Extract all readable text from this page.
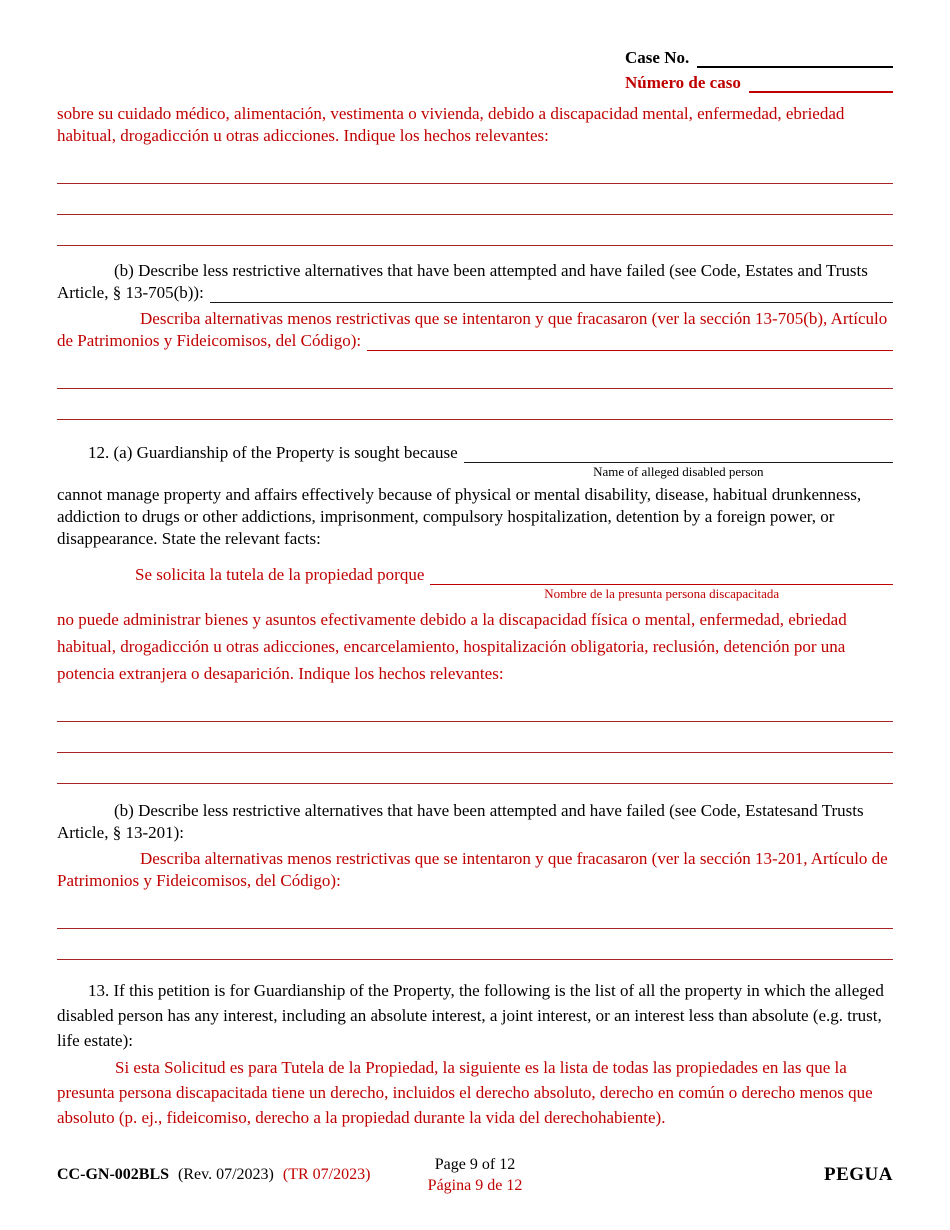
Case No.
Número de caso

sobre su cuidado médico, alimentación, vestimenta o vivienda, debido a discapacidad mental, enfermedad, ebriedad habitual, drogadicción u otras adicciones. Indique los hechos relevantes:

(b) Describe less restrictive alternatives that have been attempted and have failed (see Code, Estates and Trusts

Article, § 13-705(b)):

Describa alternativas menos restrictivas que se intentaron y que fracasaron (ver la sección 13-705(b), Artículo

de Patrimonios y Fideicomisos, del Código):
12. (a) Guardianship of the Property is sought because
Name of alleged disabled person

cannot manage property and affairs effectively because of physical or mental disability, disease, habitual drunkenness, addiction to drugs or other addictions, imprisonment, compulsory hospitalization, detention by a foreign power, or disappearance. State the relevant facts:

Se solicita la tutela de la propiedad porque
Nombre de la presunta persona discapacitada

no puede administrar bienes y asuntos efectivamente debido a la discapacidad física o mental, enfermedad, ebriedad habitual, drogadicción u otras adicciones, encarcelamiento, hospitalización obligatoria, reclusión, detención por una potencia extranjera o desaparición. Indique los hechos relevantes:

(b) Describe less restrictive alternatives that have been attempted and have failed (see Code, Estatesand Trusts

Article, § 13-201):

Describa alternativas menos restrictivas que se intentaron y que fracasaron (ver la sección 13-201, Artículo de

Patrimonios y Fideicomisos, del Código):

13. If this petition is for Guardianship of the Property, the following is the list of all the property in which the alleged disabled person has any interest, including an absolute interest, a joint interest, or an interest less than absolute (e.g. trust, life estate):

Si esta Solicitud es para Tutela de la Propiedad, la siguiente es la lista de todas las propiedades en las que la presunta persona discapacitada tiene un derecho, incluidos el derecho absoluto, derecho en común o derecho menos que absoluto (p. ej., fideicomiso, derecho a la propiedad durante la vida del derechohabiente).

CC-GN-002BLS (Rev. 07/2023) (TR 07/2023)
Page 9 of 12
Página 9 de 12
PEGUA
